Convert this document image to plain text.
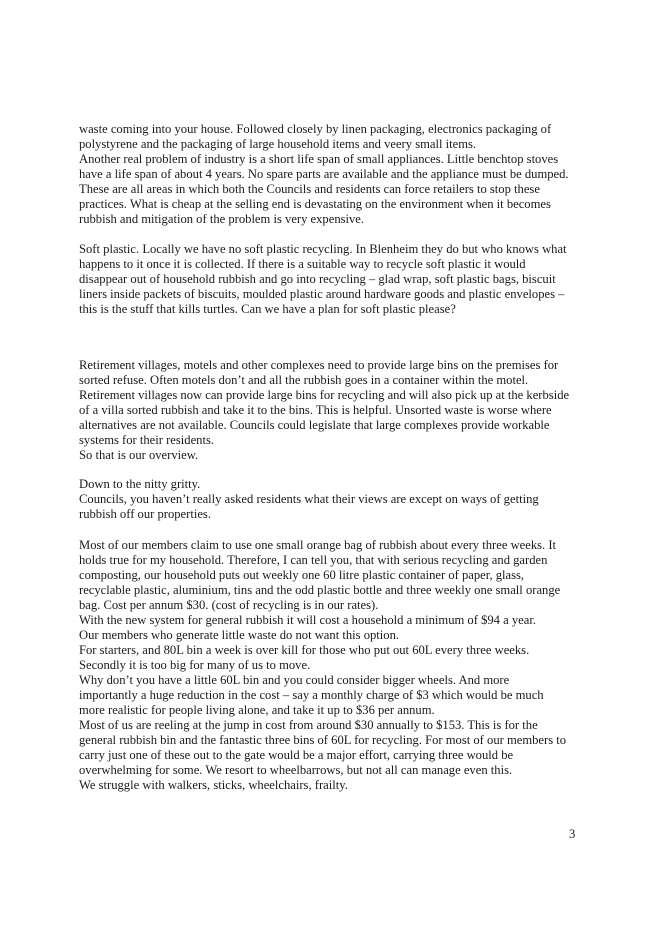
waste coming into your house. Followed closely by linen packaging, electronics packaging of
polystyrene and the packaging of large household items and veery small items.
Another real problem of industry is a short life span of small appliances. Little benchtop stoves
have a life span of about 4 years. No spare parts are available and the appliance must be dumped.
These are all areas in which both the Councils and residents can force retailers to stop these
practices. What is cheap at the selling end is devastating on the environment when it becomes
rubbish and mitigation of the problem is very expensive.
Soft plastic. Locally we have no soft plastic recycling. In Blenheim they do but who knows what
happens to it once it is collected. If there is a suitable way to recycle soft plastic it would
disappear out of household rubbish and go into recycling – glad wrap, soft plastic bags, biscuit
liners inside packets of biscuits, moulded plastic around hardware goods and plastic envelopes –
this is the stuff that kills turtles. Can we have a plan for soft plastic please?
Retirement villages, motels and other complexes need to provide large bins on the premises for
sorted refuse. Often motels don’t and all the rubbish goes in a container within the motel.
Retirement villages now can provide large bins for recycling and will also pick up at the kerbside
of a villa sorted rubbish and take it to the bins. This is helpful. Unsorted waste is worse where
alternatives are not available. Councils could legislate that large complexes provide workable
systems for their residents.
So that is our overview.
Down to the nitty gritty.
Councils, you haven’t really asked residents what their views are except on ways of getting
rubbish off our properties.
Most of our members claim to use one small orange bag of rubbish about every three weeks. It
holds true for my household. Therefore, I can tell you, that with serious recycling and garden
composting, our household puts out weekly one 60 litre plastic container of paper, glass,
recyclable plastic, aluminium, tins and the odd plastic bottle and three weekly one small orange
bag. Cost per annum $30. (cost of recycling is in our rates).
With the new system for general rubbish it will cost a household a minimum of $94 a year.
Our members who generate little waste do not want this option.
For starters, and 80L bin a week is over kill for those who put out 60L every three weeks.
Secondly it is too big for many of us to move.
Why don’t you have a little 60L bin and you could consider bigger wheels. And more
importantly a huge reduction in the cost – say a monthly charge of $3 which would be much
more realistic for people living alone, and take it up to $36 per annum.
Most of us are reeling at the jump in cost from around $30 annually to $153. This is for the
general rubbish bin and the fantastic three bins of 60L for recycling. For most of our members to
carry just one of these out to the gate would be a major effort, carrying three would be
overwhelming for some. We resort to wheelbarrows, but not all can manage even this.
We struggle with walkers, sticks, wheelchairs, frailty.
3
